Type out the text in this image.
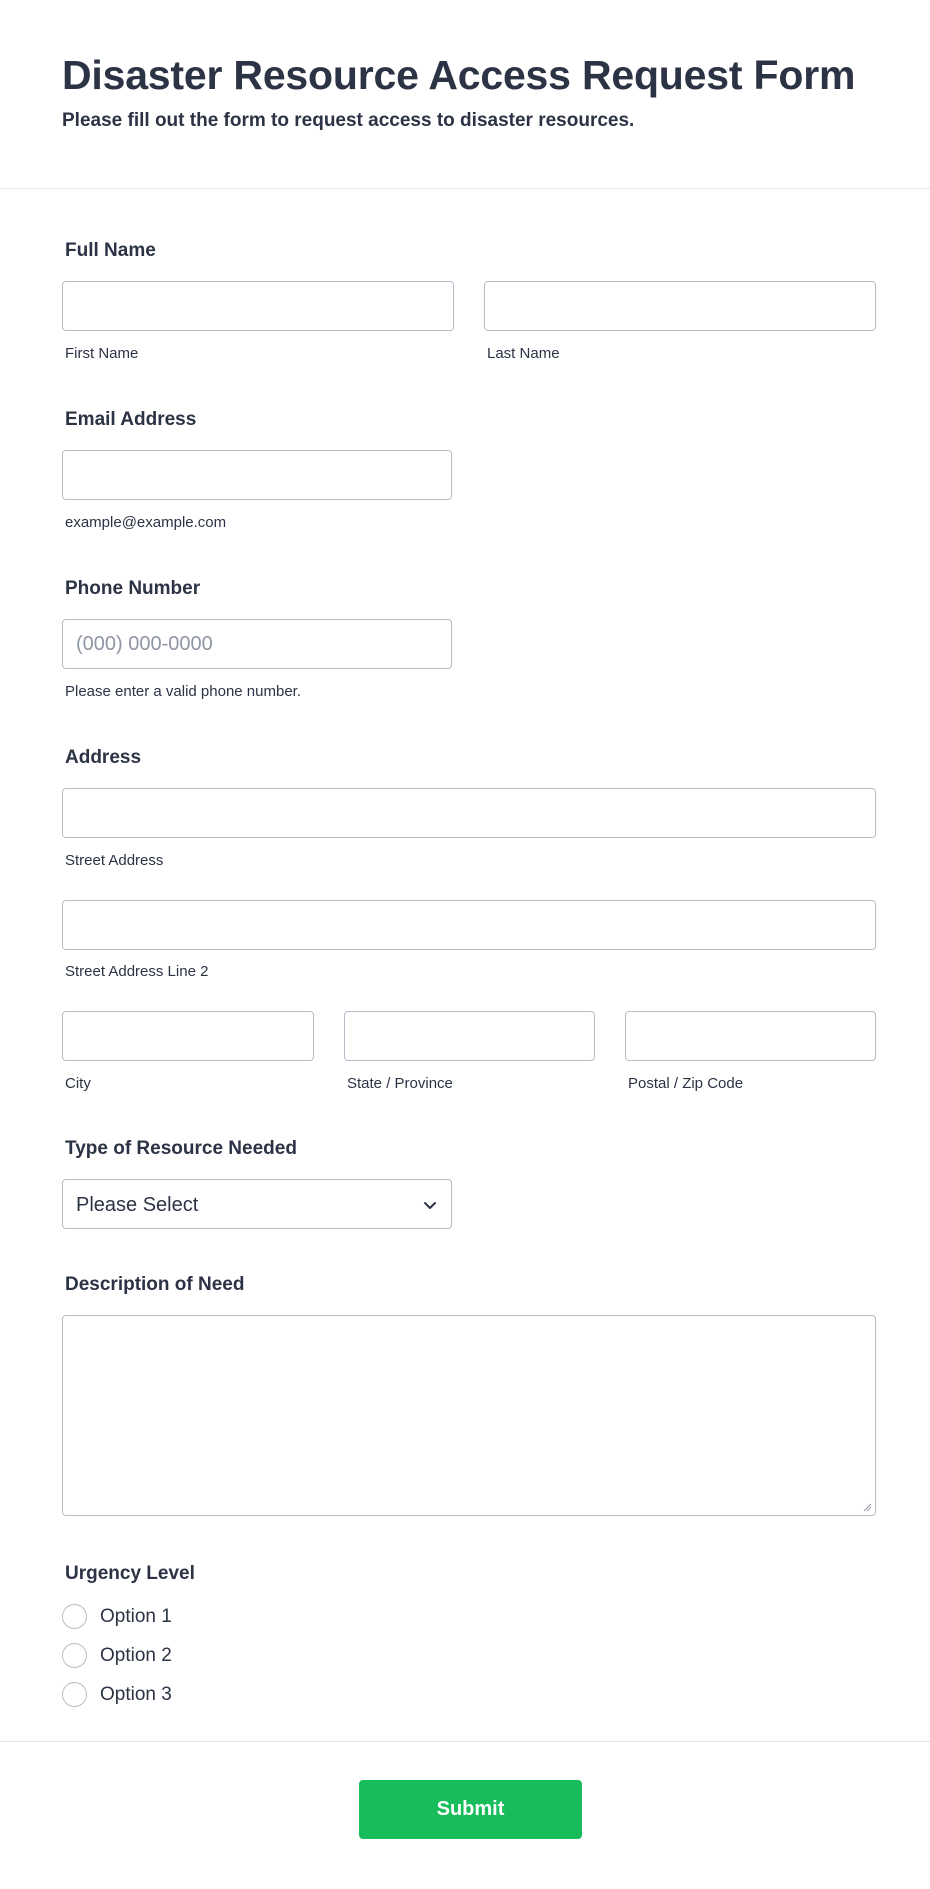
Disaster Resource Access Request Form
Please fill out the form to request access to disaster resources.
Full Name
First Name	Last Name
Email Address
example@example.com
Phone Number
(000) 000-0000
Please enter a valid phone number.
Address
Street Address
Street Address Line 2
City	State / Province	Postal / Zip Code
Type of Resource Needed
Please Select
Description of Need
Urgency Level
Option 1
Option 2
Option 3
Submit
